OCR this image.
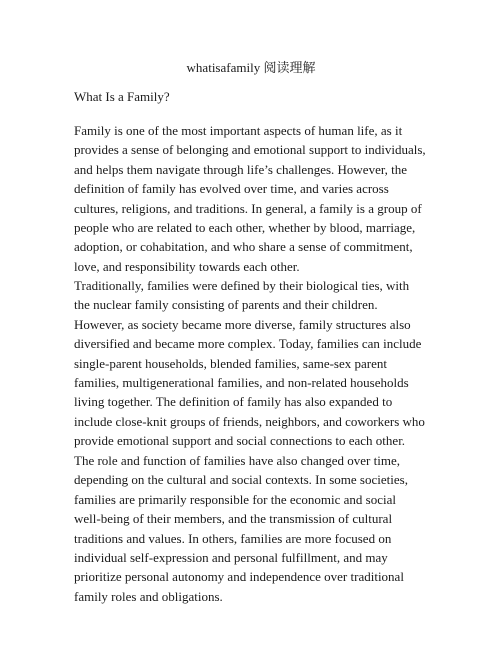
whatisafamily 阅读理解
What Is a Family?

Family is one of the most important aspects of human life, as it
provides a sense of belonging and emotional support to individuals,
and helps them navigate through life’s challenges. However, the
definition of family has evolved over time, and varies across
cultures, religions, and traditions. In general, a family is a group of
people who are related to each other, whether by blood, marriage,
adoption, or cohabitation, and who share a sense of commitment,
love, and responsibility towards each other.

Traditionally, families were defined by their biological ties, with
the nuclear family consisting of parents and their children.
However, as society became more diverse, family structures also
diversified and became more complex. Today, families can include
single-parent households, blended families, same-sex parent
families, multigenerational families, and non-related households
living together. The definition of family has also expanded to
include close-knit groups of friends, neighbors, and coworkers who
provide emotional support and social connections to each other.

The role and function of families have also changed over time,
depending on the cultural and social contexts. In some societies,
families are primarily responsible for the economic and social
well-being of their members, and the transmission of cultural
traditions and values. In others, families are more focused on
individual self-expression and personal fulfillment, and may
prioritize personal autonomy and independence over traditional
family roles and obligations.
